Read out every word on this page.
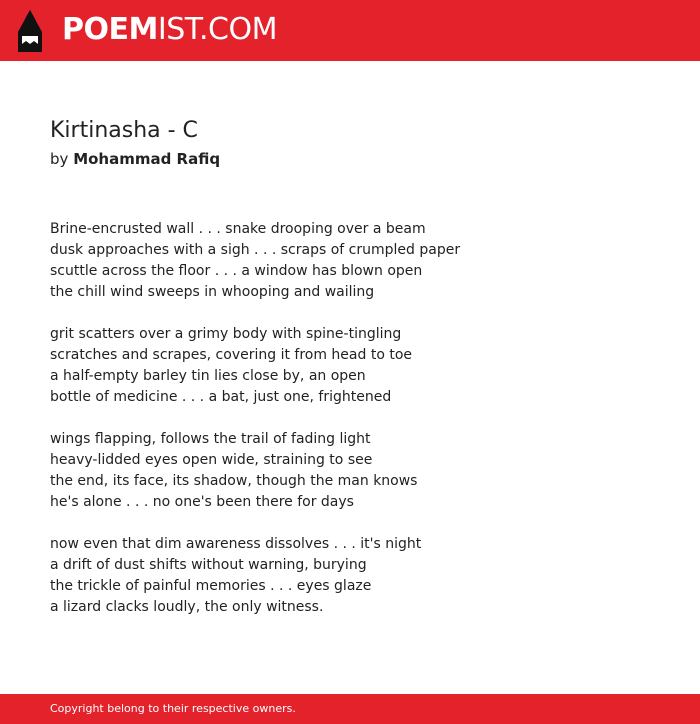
POEMIST.COM
Kirtinasha - C
by Mohammad Rafiq

Brine-encrusted wall . . . snake drooping over a beam
dusk approaches with a sigh . . . scraps of crumpled paper
scuttle across the floor . . . a window has blown open
the chill wind sweeps in whooping and wailing

grit scatters over a grimy body with spine-tingling
scratches and scrapes, covering it from head to toe
a half-empty barley tin lies close by, an open
bottle of medicine . . . a bat, just one, frightened

wings flapping, follows the trail of fading light
heavy-lidded eyes open wide, straining to see
the end, its face, its shadow, though the man knows
he's alone . . . no one's been there for days

now even that dim awareness dissolves . . . it's night
a drift of dust shifts without warning, burying
the trickle of painful memories . . . eyes glaze
a lizard clacks loudly, the only witness.

Copyright belong to their respective owners.
